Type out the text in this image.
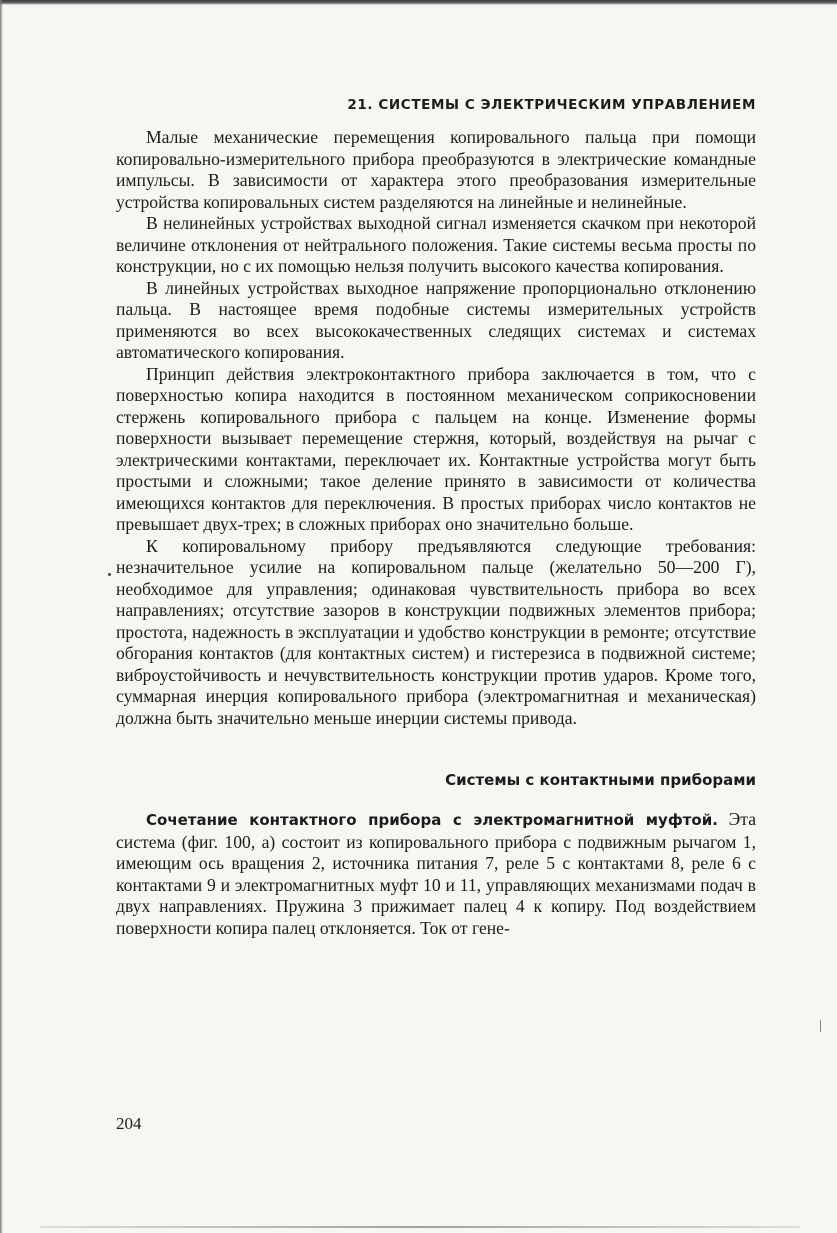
21. СИСТЕМЫ С ЭЛЕКТРИЧЕСКИМ УПРАВЛЕНИЕМ

Малые механические перемещения копировального пальца при помощи копировально-измерительного прибора преобразуются в электрические командные импульсы. В зависимости от характера этого преобразования измерительные устройства копировальных систем разделяются на линейные и нелинейные.

В нелинейных устройствах выходной сигнал изменяется скачком при некоторой величине отклонения от нейтрального положения. Такие системы весьма просты по конструкции, но с их помощью нельзя получить высокого качества копирования.

В линейных устройствах выходное напряжение пропорционально отклонению пальца. В настоящее время подобные системы измерительных устройств применяются во всех высококачественных следящих системах и системах автоматического копирования.

Принцип действия электроконтактного прибора заключается в том, что с поверхностью копира находится в постоянном механическом соприкосновении стержень копировального прибора с пальцем на конце. Изменение формы поверхности вызывает перемещение стержня, который, воздействуя на рычаг с электрическими контактами, переключает их. Контактные устройства могут быть простыми и сложными; такое деление принято в зависимости от количества имеющихся контактов для переключения. В простых приборах число контактов не превышает двух-трех; в сложных приборах оно значительно больше.

К копировальному прибору предъявляются следующие требования: незначительное усилие на копировальном пальце (желательно 50—200 Г), необходимое для управления; одинаковая чувствительность прибора во всех направлениях; отсутствие зазоров в конструкции подвижных элементов прибора; простота, надежность в эксплуатации и удобство конструкции в ремонте; отсутствие обгорания контактов (для контактных систем) и гистерезиса в подвижной системе; виброустойчивость и нечувствительность конструкции против ударов. Кроме того, суммарная инерция копировального прибора (электромагнитная и механическая) должна быть значительно меньше инерции системы привода.

Системы с контактными приборами

Сочетание контактного прибора с электромагнитной муфтой. Эта система (фиг. 100, а) состоит из копировального прибора с подвижным рычагом 1, имеющим ось вращения 2, источника питания 7, реле 5 с контактами 8, реле 6 с контактами 9 и электромагнитных муфт 10 и 11, управляющих механизмами подач в двух направлениях. Пружина 3 прижимает палец 4 к копиру. Под воздействием поверхности копира палец отклоняется. Ток от гене-

204
